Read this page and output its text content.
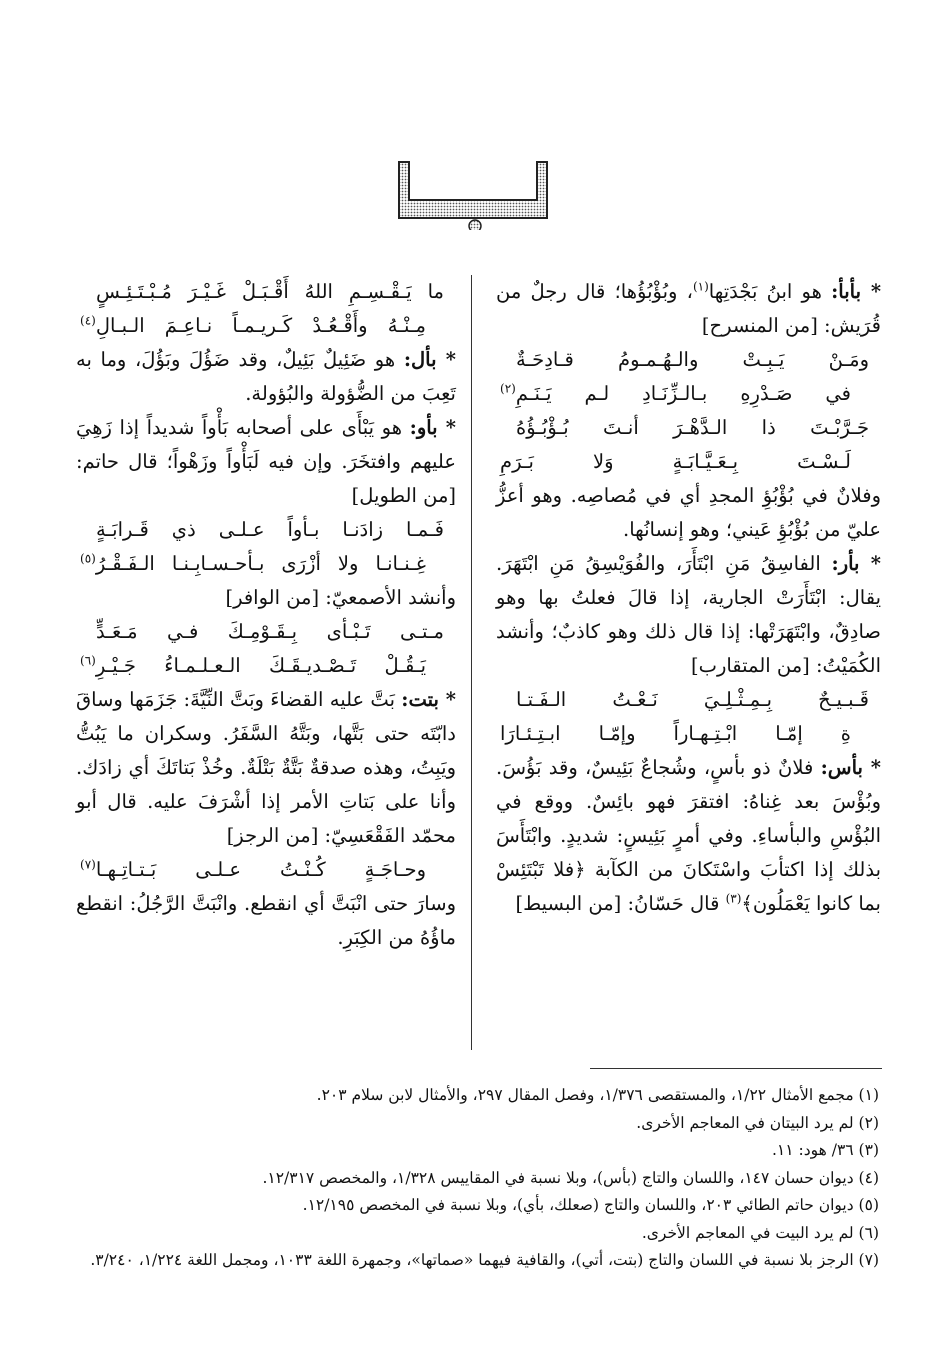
* بأبأ: هو ابنُ بَجْدَتِها$^{(١)}$، وبُؤْبُؤُها؛ قال رجلٌ من قُرَيش: [من المنسرح]

ومَـنْ يَـبِـتْ والـهُـمـومُ قـادِحَـةٌ

في صَـدْرِهِ بـالـزِّنَـادِ لـم يَـنَـمِ$^{(٢)}$

جَـرَّبْـتَ ذا الـدَّهْـرَ أنـتَ بُـؤْبُـؤُهُ

لَـسْـتَ بِـعَـيَّـابَـةٍ وَلا بَـرَمِ

وفلانٌ في بُؤْبُؤِ المجدِ أي في مُصاصِه. وهو أعزُّ عليّ من بُؤْبُؤِ عَيني؛ وهو إنسانُها.

* بأر: الفاسِقُ مَنِ ابْتَأَرَ، والفُوَيْسِقُ مَنِ ابْتَهَرَ. يقال: ابْتَأَرَتْ الجارية، إذا قالَ فعلتُ بها وهو صادِقٌ، وابْتَهَرَتْها: إذا قال ذلك وهو كاذبٌ؛ وأنشد الكُمَيْتُ: [من المتقارب]

قَـبـيـحٌ بِـمِـثْـلِـيَ نَـعْـتُ الـفَـتـا

ةِ إمّـا ابْـتِـهـاراً وإمّـا ابـتِـئـارَا

* بأس: فلانٌ ذو بأسٍ، وشُجاعٌ بَئِيسٌ، وقد بَؤُسَ. وبُؤْسَ بعد غِناهُ: افتقرَ فهو بائِسٌ. ووقع في البُؤْسِ والبأساءِ. وفي أمرٍ بَئِيسٍ: شديدٍ. وابْتَأَسَ بذلك إذا اكتأبَ واسْتَكانَ من الكآبة ﴿فلا تَبْتَئِسْ بما كانوا يَعْمَلُون﴾$^{(٣)}$ قال حَسّانُ: [من البسيط]

ما يَـقْـسِـمِ اللهُ أَقْـبَـلْ غَـيْـرَ مُـبْـتَـئِـسٍ

مِـنْـهُ وأَقْـعُـدْ كَـريـمـاً نـاعِـمَ الـبـالِ$^{(٤)}$

* بأل: هو ضَئِيلٌ بَئِيلٌ، وقد ضَؤُلَ وبَؤُلَ، وما به تَعِبَ من الضُّؤولة والبُؤولة.

* بأو: هو يَبْأَى على أصحابه بَأْواً شديداً إذا زَهِيَ عليهم وافتخَرَ. وإن فيه لَبَأْواً وزَهْواً؛ قال حاتم: [من الطويل]

فَـمـا زادَنـا بـأواً عـلـى ذي قَـرابَـةٍ

غِـنـانـا ولا أزْرَى بـأحـسـابِـنـا الـفَـقْـرُ$^{(٥)}$

وأنشد الأصمعيّ: [من الوافر]

مـتـى تَـبْـأى بِـقَـوْمِـكَ فـي مَـعَـدٍّ

يَـقُـلْ تَـصْـديـقَـكَ الـعـلـمـاءُ جَـيْـرِ$^{(٦)}$

* بتت: بَتَّ عليه القضاءَ وبَتَّ النِّيَّةَ: جَزَمَها وساقَ دابّتَه حتى بَتَّها، وبَتَّهُ السَّفَرُ. وسكران ما يَبُتُّ ويَبِتُ، وهذه صدقةٌ بَتَّةٌ بَتْلَةٌ. وخُذْ بَتاتَكَ أي زادَك. وأنا على بَتاتِ الأمر إذا أشْرَفَ عليه. قال أبو محمّد الفَقْعَسِيّ: [من الرجز]

وحـاجَـةٍ كُـنْـتُ عـلـى بَـتـاتِـهـا$^{(٧)}$

وسارَ حتى انْبَتَّ أي انقطع. وانْبَتَّ الرَّجُلُ: انقطع ماؤُهُ من الكِبَرِ.

(١) مجمع الأمثال ١/٢٢، والمستقصى ١/٣٧٦، وفصل المقال ٢٩٧، والأمثال لابن سلام ٢٠٣.

(٢) لم يرد البيتان في المعاجم الأخرى.

(٣) ٣٦/ هود: ١١.

(٤) ديوان حسان ١٤٧، واللسان والتاج (بأس)، وبلا نسبة في المقاييس ١/٣٢٨، والمخصص ١٢/٣١٧.

(٥) ديوان حاتم الطائي ٢٠٣، واللسان والتاج (صعلك، بأي)، وبلا نسبة في المخصص ١٢/١٩٥.

(٦) لم يرد البيت في المعاجم الأخرى.

(٧) الرجز بلا نسبة في اللسان والتاج (بتت، أتي)، والقافية فيهما «صماتها»، وجمهرة اللغة ١٠٣٣، ومجمل اللغة ١/٢٢٤، ٣/٢٤٠.
